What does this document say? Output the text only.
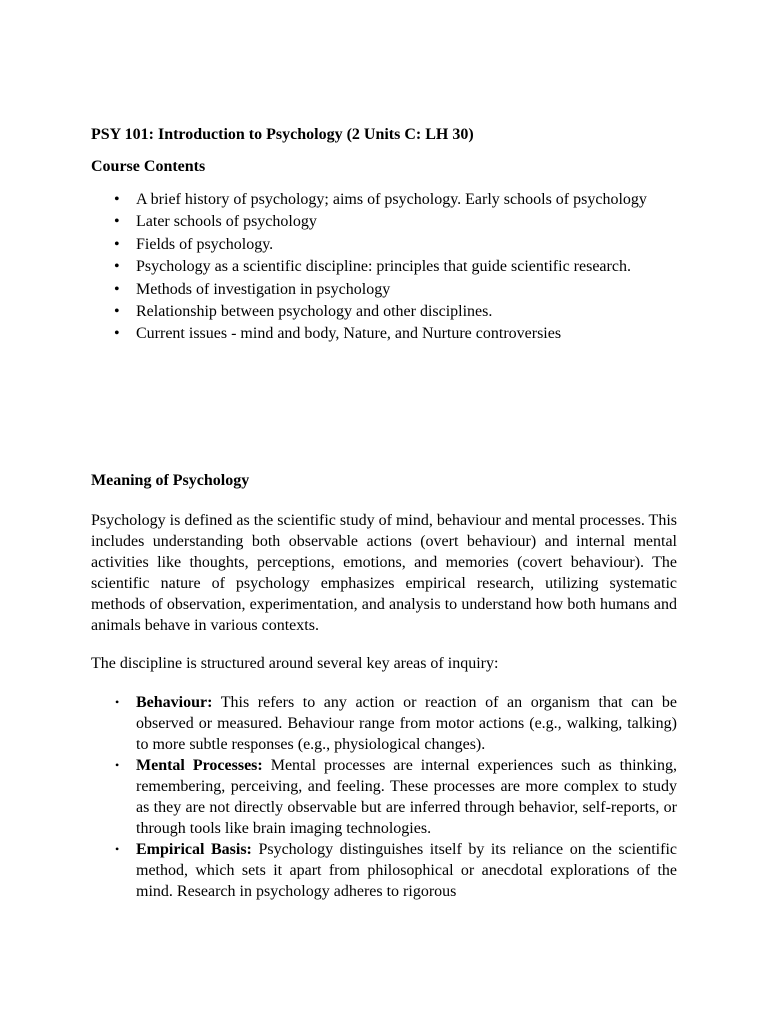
PSY 101: Introduction to Psychology (2 Units C: LH 30)
Course Contents
• A brief history of psychology; aims of psychology. Early schools of psychology
• Later schools of psychology
• Fields of psychology.
• Psychology as a scientific discipline: principles that guide scientific research.
• Methods of investigation in psychology
• Relationship between psychology and other disciplines.
• Current issues - mind and body, Nature, and Nurture controversies
Meaning of Psychology

Psychology is defined as the scientific study of mind, behaviour and mental processes. This includes understanding both observable actions (overt behaviour) and internal mental activities like thoughts, perceptions, emotions, and memories (covert behaviour). The scientific nature of psychology emphasizes empirical research, utilizing systematic methods of observation, experimentation, and analysis to understand how both humans and animals behave in various contexts.

The discipline is structured around several key areas of inquiry:

• Behaviour: This refers to any action or reaction of an organism that can be observed or measured. Behaviour range from motor actions (e.g., walking, talking) to more subtle responses (e.g., physiological changes).
• Mental Processes: Mental processes are internal experiences such as thinking, remembering, perceiving, and feeling. These processes are more complex to study as they are not directly observable but are inferred through behavior, self-reports, or through tools like brain imaging technologies.
• Empirical Basis: Psychology distinguishes itself by its reliance on the scientific method, which sets it apart from philosophical or anecdotal explorations of the mind. Research in psychology adheres to rigorous
